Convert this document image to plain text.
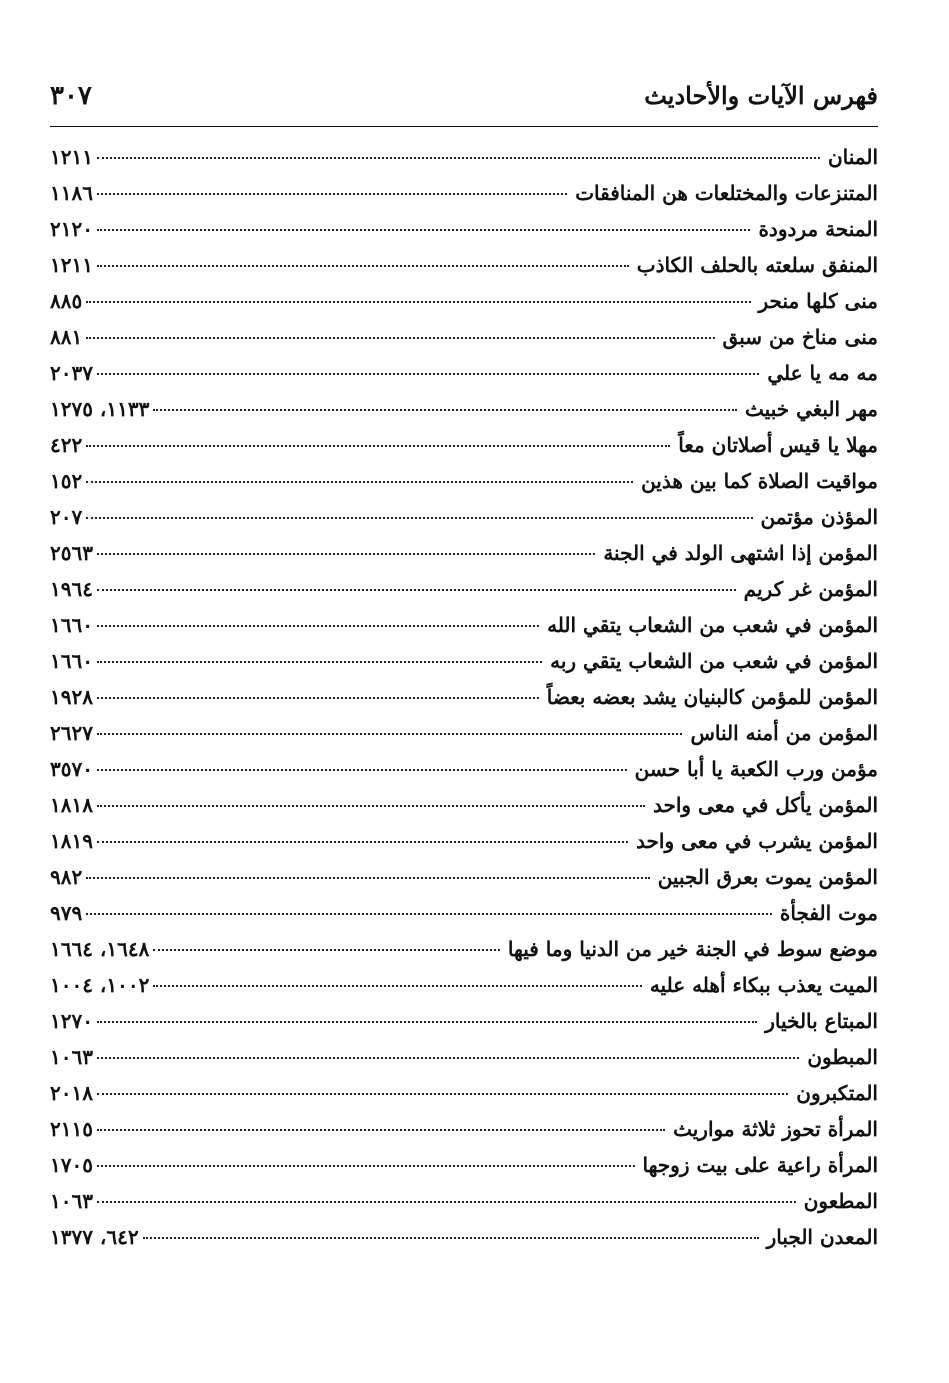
فهرس الآيات والأحاديث
٣٠٧
المنان
١٢١١
المتنزعات والمختلعات هن المنافقات
١١٨٦
المنحة مردودة
٢١٢٠
المنفق سلعته بالحلف الكاذب
١٢١١
منى كلها منحر
٨٨٥
منى مناخ من سبق
٨٨١
مه مه يا علي
٢٠٣٧
مهر البغي خبيث
١١٣٣، ١٢٧٥
مهلا يا قيس أصلاتان معاً
٤٢٢
مواقيت الصلاة كما بين هذين
١٥٢
المؤذن مؤتمن
٢٠٧
المؤمن إذا اشتهى الولد في الجنة
٢٥٦٣
المؤمن غر كريم
١٩٦٤
المؤمن في شعب من الشعاب يتقي الله
١٦٦٠
المؤمن في شعب من الشعاب يتقي ربه
١٦٦٠
المؤمن للمؤمن كالبنيان يشد بعضه بعضاً
١٩٢٨
المؤمن من أمنه الناس
٢٦٢٧
مؤمن ورب الكعبة يا أبا حسن
٣٥٧٠
المؤمن يأكل في معى واحد
١٨١٨
المؤمن يشرب في معى واحد
١٨١٩
المؤمن يموت بعرق الجبين
٩٨٢
موت الفجأة
٩٧٩
موضع سوط في الجنة خير من الدنيا وما فيها
١٦٤٨، ١٦٦٤
الميت يعذب ببكاء أهله عليه
١٠٠٢، ١٠٠٤
المبتاع بالخيار
١٢٧٠
المبطون
١٠٦٣
المتكبرون
٢٠١٨
المرأة تحوز ثلاثة مواريث
٢١١٥
المرأة راعية على بيت زوجها
١٧٠٥
المطعون
١٠٦٣
المعدن الجبار
٦٤٢، ١٣٧٧
